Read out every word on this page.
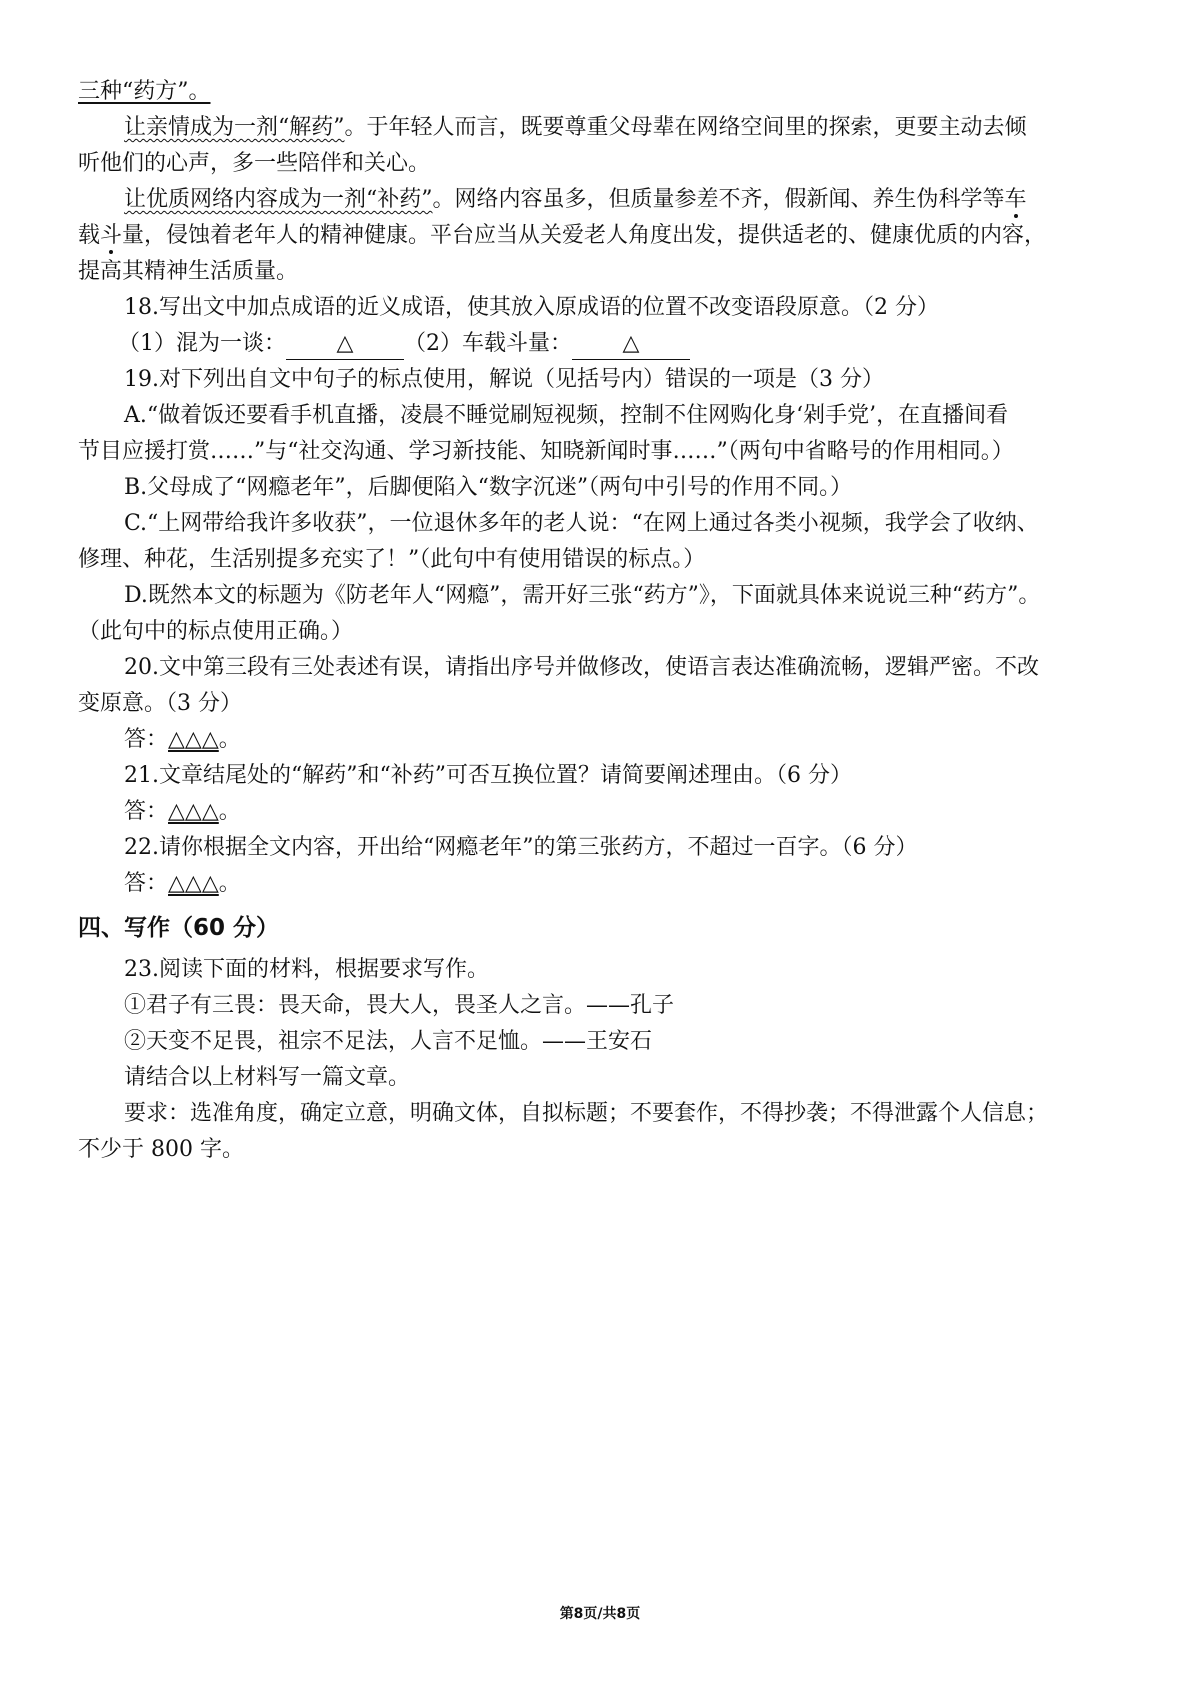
三种“药方”。
让亲情成为一剂“解药”。于年轻人而言，既要尊重父母辈在网络空间里的探索，更要主动去倾
听他们的心声，多一些陪伴和关心。
让优质网络内容成为一剂“补药”。网络内容虽多，但质量参差不齐，假新闻、养生伪科学等车
载斗量，侵蚀着老年人的精神健康。平台应当从关爱老人角度出发，提供适老的、健康优质的内容，
提高其精神生活质量。
18.写出文中加点成语的近义成语，使其放入原成语的位置不改变语段原意。（2 分）
（1）混为一谈： △ （2）车载斗量： △
19.对下列出自文中句子的标点使用，解说（见括号内）错误的一项是（3 分）
A.“做着饭还要看手机直播，凌晨不睡觉刷短视频，控制不住网购化身‘剁手党’，在直播间看
节目应援打赏……”与“社交沟通、学习新技能、知晓新闻时事……”（两句中省略号的作用相同。）
B.父母成了“网瘾老年”，后脚便陷入“数字沉迷”（两句中引号的作用不同。）
C.“上网带给我许多收获”，一位退休多年的老人说：“在网上通过各类小视频，我学会了收纳、
修理、种花，生活别提多充实了！”（此句中有使用错误的标点。）
D.既然本文的标题为《防老年人“网瘾”，需开好三张“药方”》，下面就具体来说说三种“药方”。
（此句中的标点使用正确。）
20.文中第三段有三处表述有误，请指出序号并做修改，使语言表达准确流畅，逻辑严密。不改
变原意。（3 分）
答：△△△。
21.文章结尾处的“解药”和“补药”可否互换位置？请简要阐述理由。（6 分）
答：△△△。
22.请你根据全文内容，开出给“网瘾老年”的第三张药方，不超过一百字。（6 分）
答：△△△。
四、写作（60 分）
23.阅读下面的材料，根据要求写作。
①君子有三畏：畏天命，畏大人，畏圣人之言。——孔子
②天变不足畏，祖宗不足法，人言不足恤。——王安石
请结合以上材料写一篇文章。
要求：选准角度，确定立意，明确文体，自拟标题；不要套作，不得抄袭；不得泄露个人信息；
不少于 800 字。
第8页/共8页
